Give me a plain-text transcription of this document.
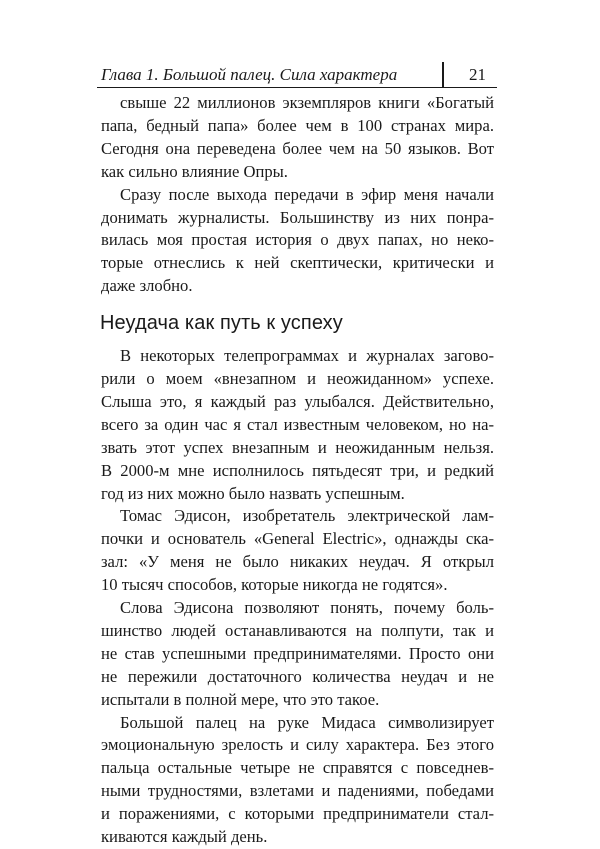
Глава 1. Большой палец. Сила характера	21
свыше 22 миллионов экземпляров книги «Богатый
папа, бедный папа» более чем в 100 странах мира.
Сегодня она переведена более чем на 50 языков. Вот
как сильно влияние Опры.
Сразу после выхода передачи в эфир меня начали
донимать журналисты. Большинству из них понра-
вилась моя простая история о двух папах, но неко-
торые отнеслись к ней скептически, критически и
даже злобно.
Неудача как путь к успеху
В некоторых телепрограммах и журналах загово-
рили о моем «внезапном и неожиданном» успехе.
Слыша это, я каждый раз улыбался. Действительно,
всего за один час я стал известным человеком, но на-
звать этот успех внезапным и неожиданным нельзя.
В 2000-м мне исполнилось пятьдесят три, и редкий
год из них можно было назвать успешным.
Томас Эдисон, изобретатель электрической лам-
почки и основатель «General Electric», однажды ска-
зал: «У меня не было никаких неудач. Я открыл
10 тысяч способов, которые никогда не годятся».
Слова Эдисона позволяют понять, почему боль-
шинство людей останавливаются на полпути, так и
не став успешными предпринимателями. Просто они
не пережили достаточного количества неудач и не
испытали в полной мере, что это такое.
Большой палец на руке Мидаса символизирует
эмоциональную зрелость и силу характера. Без этого
пальца остальные четыре не справятся с повседнев-
ными трудностями, взлетами и падениями, победами
и поражениями, с которыми предприниматели стал-
киваются каждый день.
